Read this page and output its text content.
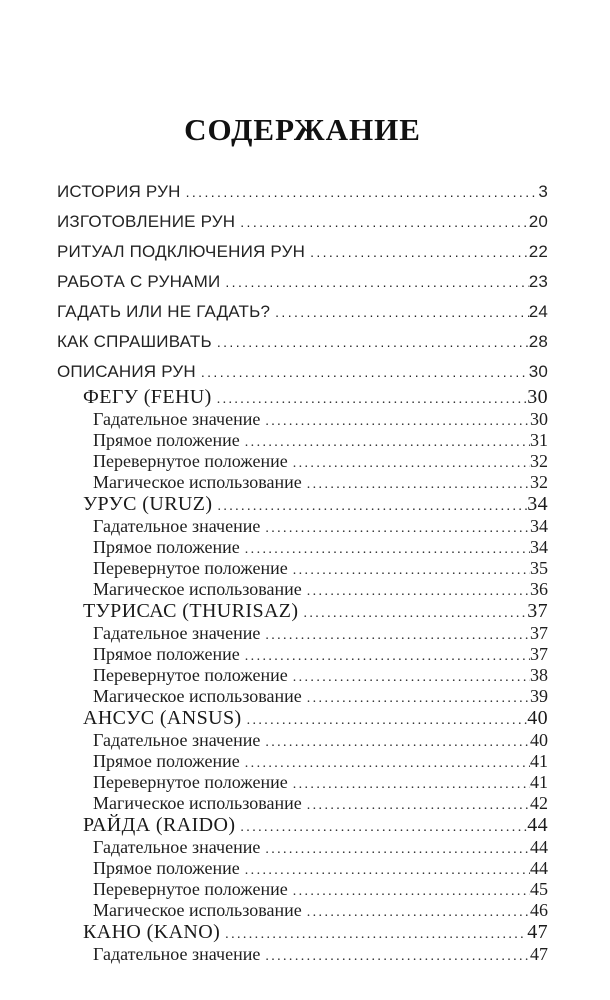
СОДЕРЖАНИЕ
ИСТОРИЯ РУН .....	3
ИЗГОТОВЛЕНИЕ РУН .....	20
РИТУАЛ ПОДКЛЮЧЕНИЯ РУН .....	22
РАБОТА С РУНАМИ .....	23
ГАДАТЬ ИЛИ НЕ ГАДАТЬ? .....	24
КАК СПРАШИВАТЬ .....	28
ОПИСАНИЯ РУН .....	30
ФЕГУ (FEHU) .....	30
Гадательное значение .....	30
Прямое положение .....	31
Перевернутое положение .....	32
Магическое использование .....	32
УРУС (URUZ) .....	34
Гадательное значение .....	34
Прямое положение .....	34
Перевернутое положение .....	35
Магическое использование .....	36
ТУРИСАС (THURISAZ) .....	37
Гадательное значение .....	37
Прямое положение .....	37
Перевернутое положение .....	38
Магическое использование .....	39
АНСУС (ANSUS) .....	40
Гадательное значение .....	40
Прямое положение .....	41
Перевернутое положение .....	41
Магическое использование .....	42
РАЙДА (RAIDO) .....	44
Гадательное значение .....	44
Прямое положение .....	44
Перевернутое положение .....	45
Магическое использование .....	46
КАНО (KANO) .....	47
Гадательное значение .....	47
